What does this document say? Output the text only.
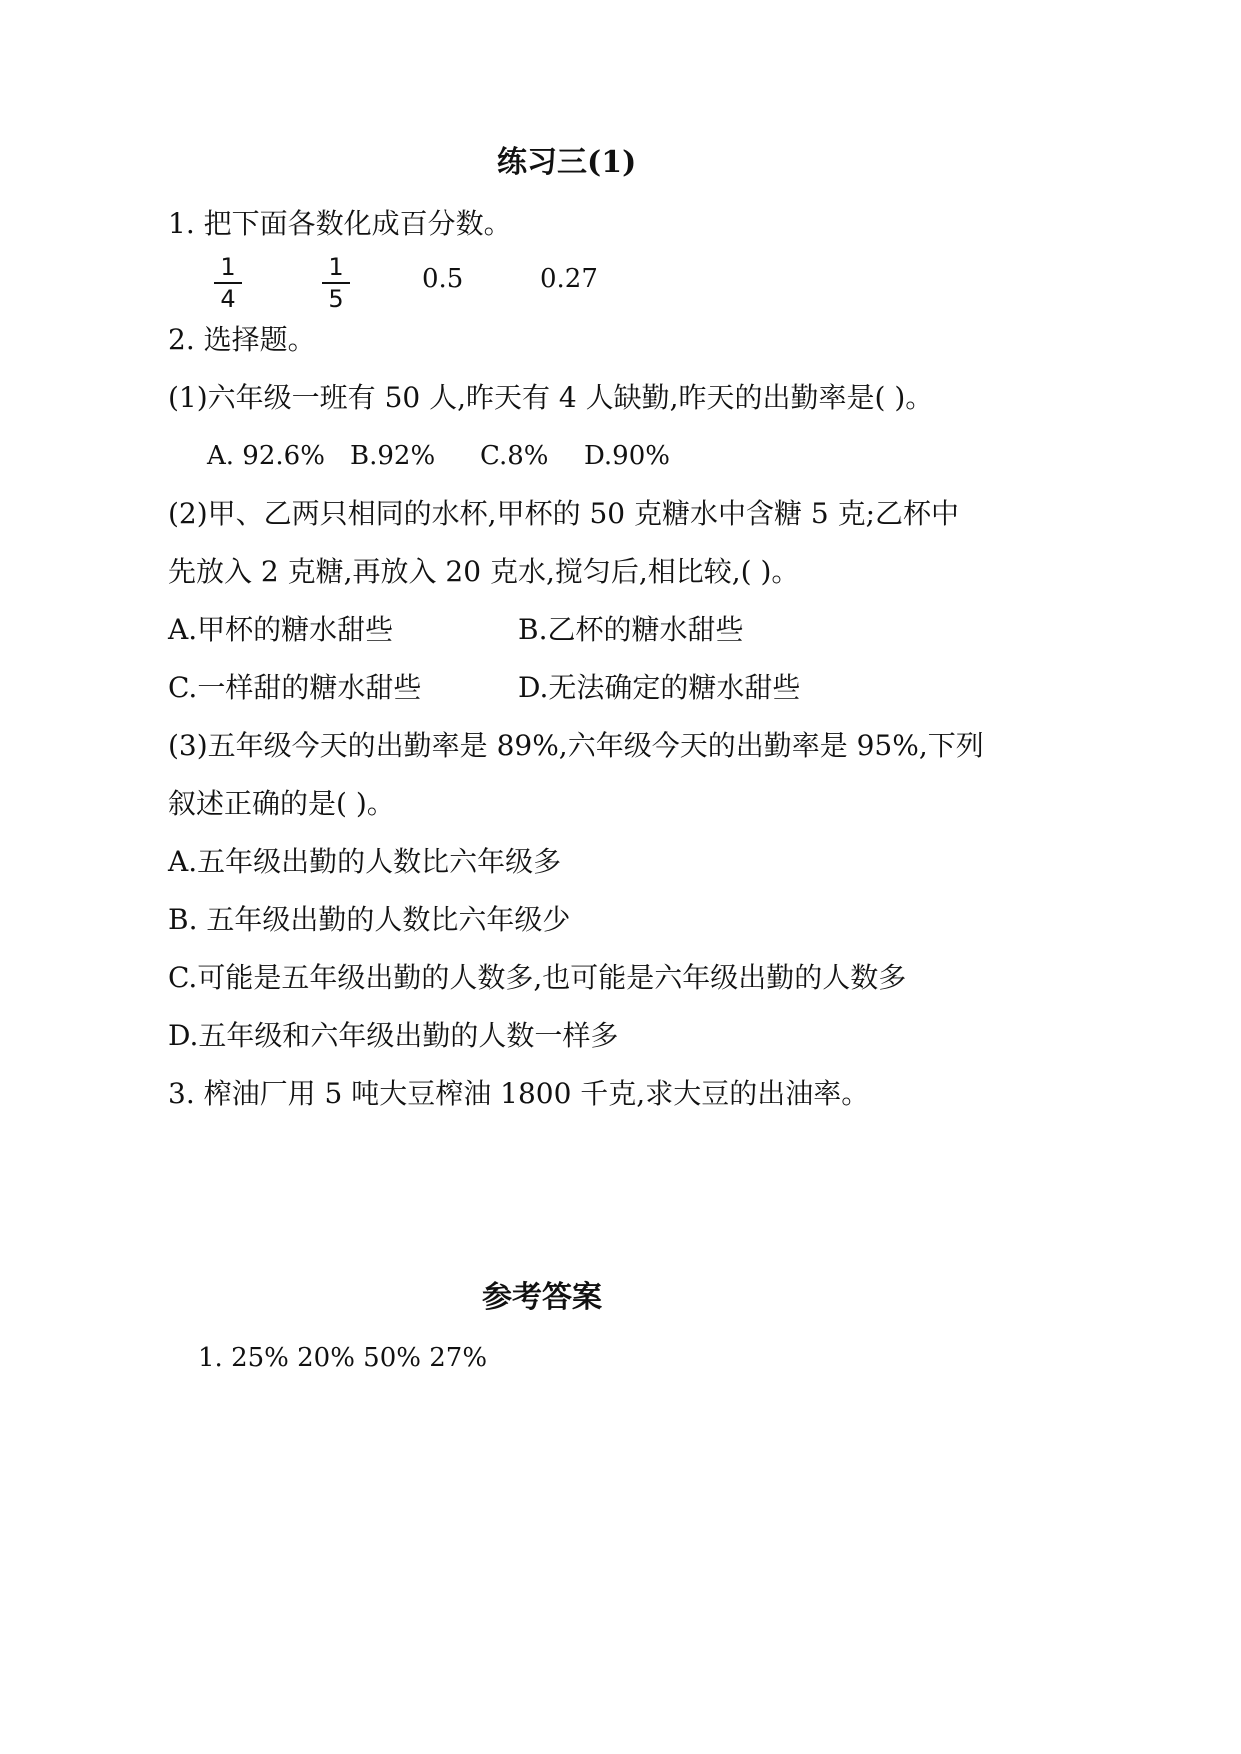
练习三(1)
1. 把下面各数化成百分数。
1
4
1
5
0.5	0.27
2. 选择题。
(1)六年级一班有 50 人,昨天有 4 人缺勤,昨天的出勤率是( )。
A. 92.6% B.92% C.8% D.90%
(2)甲、乙两只相同的水杯,甲杯的 50 克糖水中含糖 5 克;乙杯中
先放入 2 克糖,再放入 20 克水,搅匀后,相比较,( )。
A.甲杯的糖水甜些	B.乙杯的糖水甜些
C.一样甜的糖水甜些	D.无法确定的糖水甜些
(3)五年级今天的出勤率是 89%,六年级今天的出勤率是 95%,下列
叙述正确的是( )。
A.五年级出勤的人数比六年级多
B. 五年级出勤的人数比六年级少
C.可能是五年级出勤的人数多,也可能是六年级出勤的人数多
D.五年级和六年级出勤的人数一样多
3. 榨油厂用 5 吨大豆榨油 1800 千克,求大豆的出油率。
参考答案
1. 25% 20% 50% 27%
